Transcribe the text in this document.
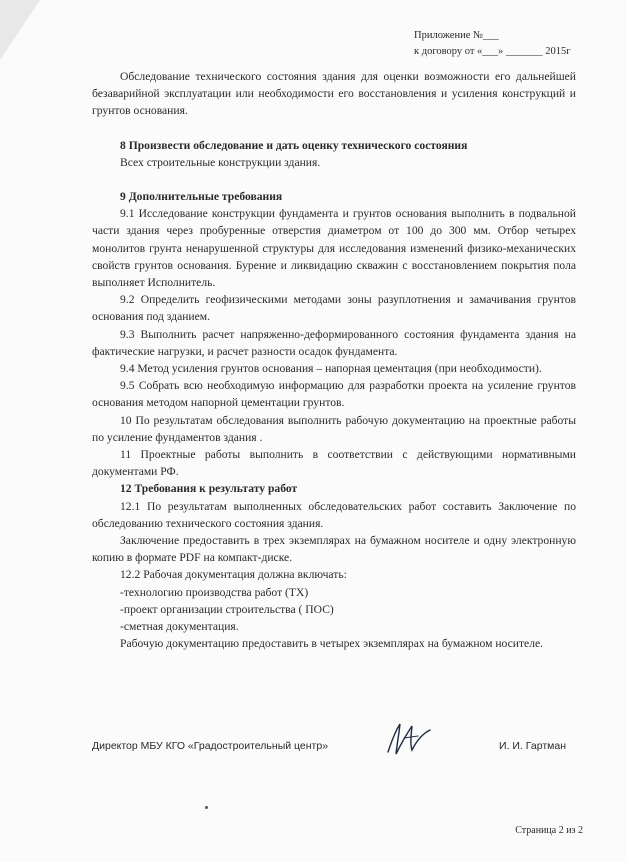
Приложение №___
к договору от «___» _______ 2015г

Обследование технического состояния здания для оценки возможности его дальнейшей безаварийной эксплуатации или необходимости его восстановления и усиления конструкций и грунтов основания.

8 Произвести обследование и дать оценку технического состояния

Всех строительные конструкции здания.

9 Дополнительные требования

9.1 Исследование конструкции фундамента и грунтов основания выполнить в подвальной части здания через пробуренные отверстия диаметром от 100 до 300 мм. Отбор четырех монолитов грунта ненарушенной структуры для исследования изменений физико-механических свойств грунтов основания. Бурение и ликвидацию скважин с восстановлением покрытия пола выполняет Исполнитель.

9.2 Определить геофизическими методами зоны разуплотнения и замачивания грунтов основания под зданием.

9.3 Выполнить расчет напряженно-деформированного состояния фундамента здания на фактические нагрузки, и расчет разности осадок фундамента.

9.4 Метод усиления грунтов основания – напорная цементация (при необходимости).

9.5 Собрать всю необходимую информацию для разработки проекта на усиление грунтов основания методом напорной цементации грунтов.

10 По результатам обследования выполнить рабочую документацию на проектные работы по усиление фундаментов здания .

11 Проектные работы выполнить в соответствии с действующими нормативными документами РФ.

12 Требования к результату работ

12.1 По результатам выполненных обследовательских работ составить Заключение по обследованию технического состояния здания.

Заключение предоставить в трех экземплярах на бумажном носителе и одну электронную копию в формате PDF на компакт-диске.

12.2 Рабочая документация должна включать:

-технологию производства работ (ТХ)

-проект организации строительства ( ПОС)

-сметная документация.

Рабочую документацию предоставить в четырех экземплярах на бумажном носителе.

Директор МБУ КГО «Градостроительный центр»	И. И. Гартман
Страница 2 из 2
